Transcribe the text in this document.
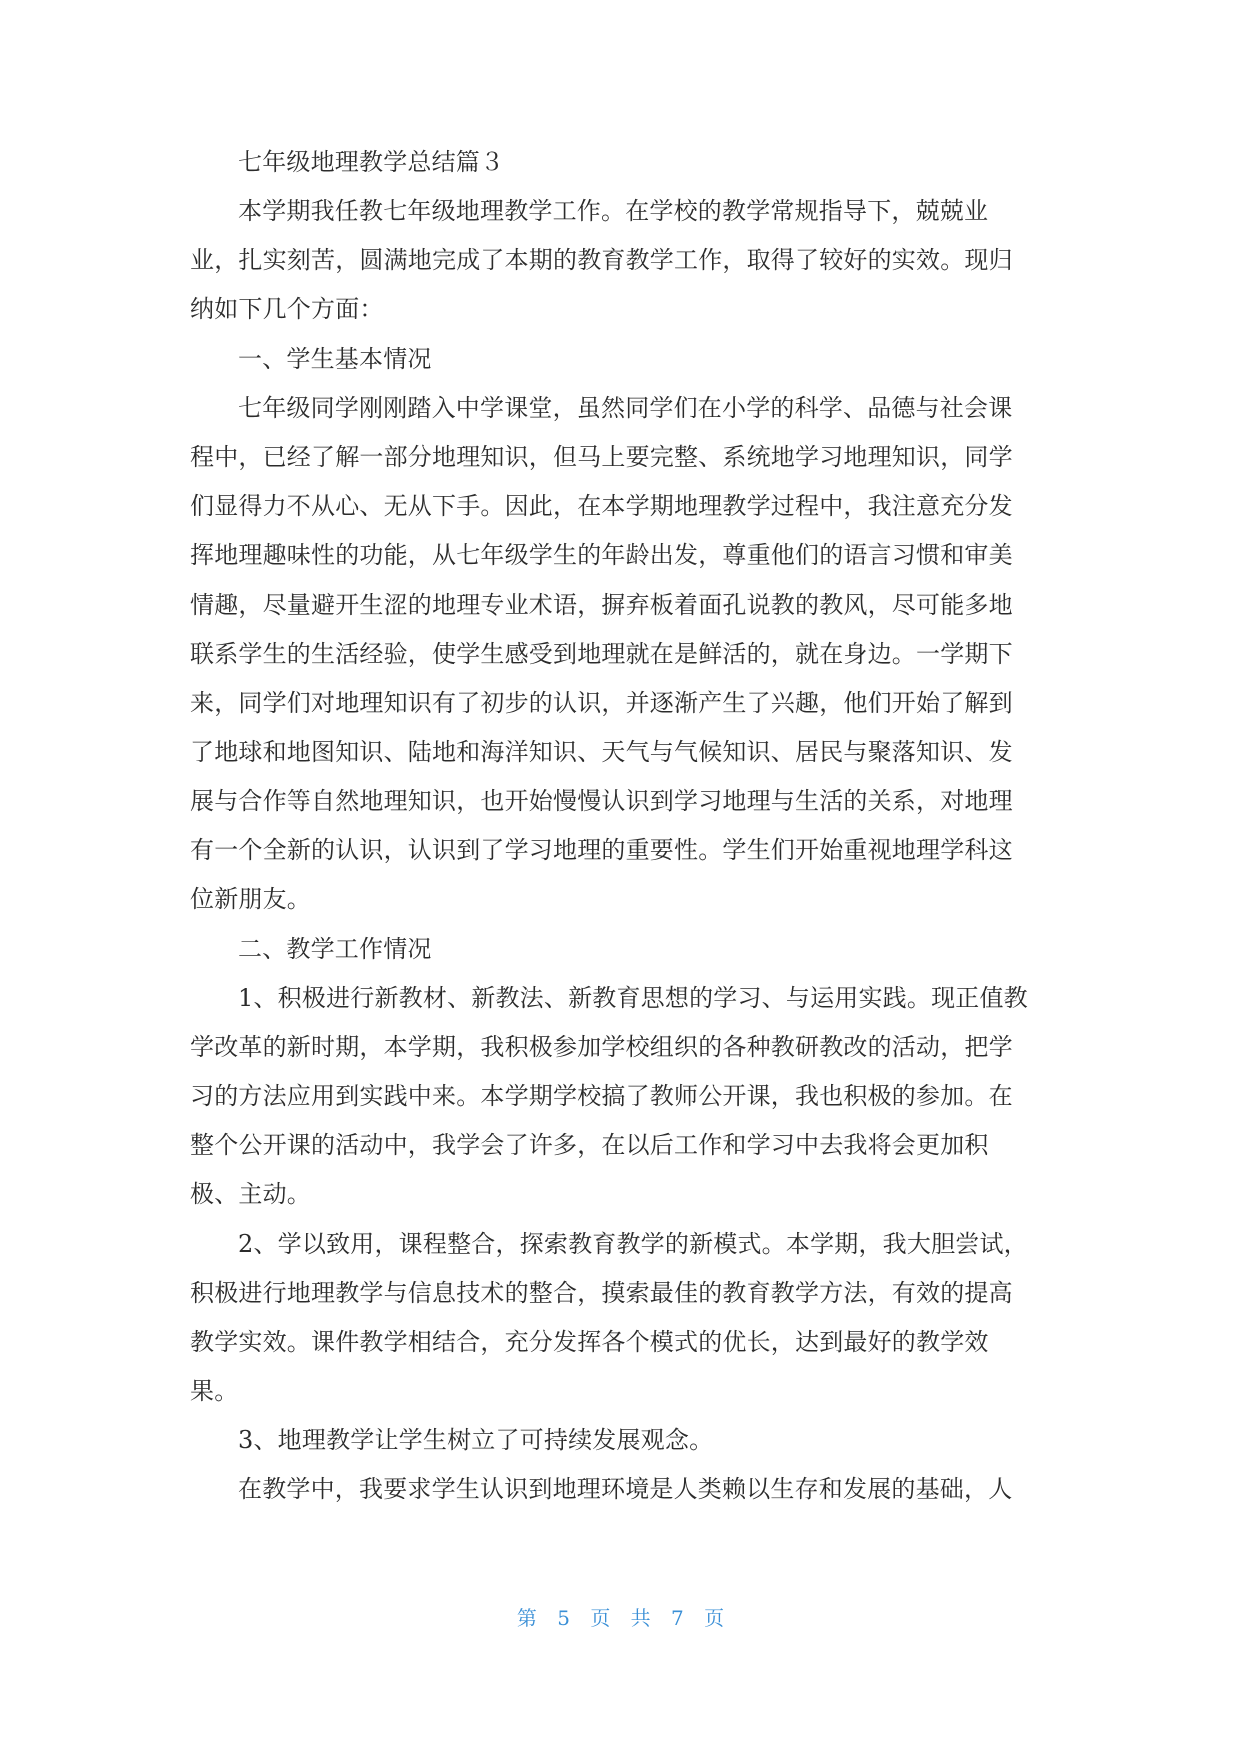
七年级地理教学总结篇３
本学期我任教七年级地理教学工作。在学校的教学常规指导下，兢兢业
业，扎实刻苦，圆满地完成了本期的教育教学工作，取得了较好的实效。现归
纳如下几个方面：
一、学生基本情况
七年级同学刚刚踏入中学课堂，虽然同学们在小学的科学、品德与社会课
程中，已经了解一部分地理知识，但马上要完整、系统地学习地理知识，同学
们显得力不从心、无从下手。因此，在本学期地理教学过程中，我注意充分发
挥地理趣味性的功能，从七年级学生的年龄出发，尊重他们的语言习惯和审美
情趣，尽量避开生涩的地理专业术语，摒弃板着面孔说教的教风，尽可能多地
联系学生的生活经验，使学生感受到地理就在是鲜活的，就在身边。一学期下
来，同学们对地理知识有了初步的认识，并逐渐产生了兴趣，他们开始了解到
了地球和地图知识、陆地和海洋知识、天气与气候知识、居民与聚落知识、发
展与合作等自然地理知识，也开始慢慢认识到学习地理与生活的关系，对地理
有一个全新的认识，认识到了学习地理的重要性。学生们开始重视地理学科这
位新朋友。
二、教学工作情况
1、积极进行新教材、新教法、新教育思想的学习、与运用实践。现正值教
学改革的新时期，本学期，我积极参加学校组织的各种教研教改的活动，把学
习的方法应用到实践中来。本学期学校搞了教师公开课，我也积极的参加。在
整个公开课的活动中，我学会了许多，在以后工作和学习中去我将会更加积
极、主动。
2、学以致用，课程整合，探索教育教学的新模式。本学期，我大胆尝试，
积极进行地理教学与信息技术的整合，摸索最佳的教育教学方法，有效的提高
教学实效。课件教学相结合，充分发挥各个模式的优长，达到最好的教学效
果。
3、地理教学让学生树立了可持续发展观念。
在教学中，我要求学生认识到地理环境是人类赖以生存和发展的基础，人
第 5 页 共 7 页
